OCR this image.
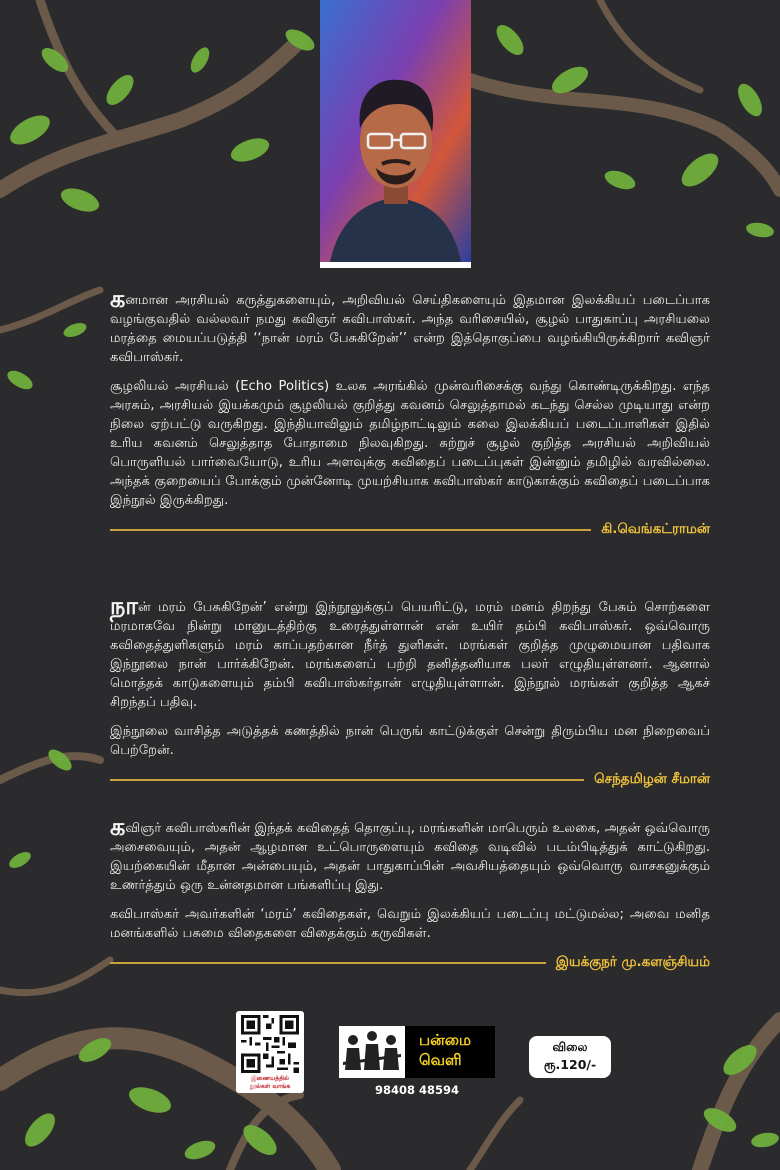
கனமான அரசியல் கருத்துகளையும், அறிவியல் செய்திகளையும் இதமான இலக்கியப் படைப்பாக வழங்குவதில் வல்லவர் நமது கவிஞர் கவிபாஸ்கர். அந்த வரிசையில், சூழல் பாதுகாப்பு அரசியலை மரத்தை மையப்படுத்தி ‘‘நான் மரம் பேசுகிறேன்’’ என்ற இத்தொகுப்பை வழங்கியிருக்கிறார் கவிஞர் கவிபாஸ்கர்.

சூழலியல் அரசியல் (Echo Politics) உலக அரங்கில் முன்வரிசைக்கு வந்து கொண்டிருக்கிறது. எந்த அரசும், அரசியல் இயக்கமும் சூழலியல் குறித்து கவனம் செலுத்தாமல் கடந்து செல்ல முடியாது என்ற நிலை ஏற்பட்டு வருகிறது. இந்தியாவிலும் தமிழ்நாட்டிலும் கலை இலக்கியப் படைப்பாளிகள் இதில் உரிய கவனம் செலுத்தாத போதாமை நிலவுகிறது. சுற்றுச் சூழல் குறித்த அரசியல் அறிவியல் பொருளியல் பார்வையோடு, உரிய அளவுக்கு கவிதைப் படைப்புகள் இன்னும் தமிழில் வரவில்லை. அந்தக் குறையைப் போக்கும் முன்னோடி முயற்சியாக கவிபாஸ்கர் காடுகாக்கும் கவிதைப் படைப்பாக இந்நூல் இருக்கிறது.

கி.வெங்கட்ராமன்

நான் மரம் பேசுகிறேன்’ என்று இந்நூலுக்குப் பெயரிட்டு, மரம் மனம் திறந்து பேசும் சொற்களை மரமாகவே நின்று மானுடத்திற்கு உரைத்துள்ளான் என் உயிர் தம்பி கவிபாஸ்கர். ஒவ்வொரு கவிதைத்துளிகளும் மரம் காப்பதற்கான நீர்த் துளிகள். மரங்கள் குறித்த முழுமையான பதிவாக இந்நூலை நான் பார்க்கிறேன். மரங்களைப் பற்றி தனித்தனியாக பலர் எழுதியுள்ளனர். ஆனால் மொத்தக் காடுகளையும் தம்பி கவிபாஸ்கர்தான் எழுதியுள்ளான். இந்நூல் மரங்கள் குறித்த ஆகச் சிறந்தப் பதிவு.

இந்நூலை வாசித்த அடுத்தக் கணத்தில் நான் பெருங் காட்டுக்குள் சென்று திரும்பிய மன நிறைவைப் பெற்றேன்.

செந்தமிழன் சீமான்

கவிஞர் கவிபாஸ்கரின் இந்தக் கவிதைத் தொகுப்பு, மரங்களின் மாபெரும் உலகை, அதன் ஒவ்வொரு அசைவையும், அதன் ஆழமான உட்பொருளையும் கவிதை வடிவில் படம்பிடித்துக் காட்டுகிறது. இயற்கையின் மீதான அன்பையும், அதன் பாதுகாப்பின் அவசியத்தையும் ஒவ்வொரு வாசகனுக்கும் உணர்த்தும் ஒரு உன்னதமான பங்களிப்பு இது.

கவிபாஸ்கர் அவர்களின் ‘மரம்’ கவிதைகள், வெறும் இலக்கியப் படைப்பு மட்டுமல்ல; அவை மனித மனங்களில் பசுமை விதைகளை விதைக்கும் கருவிகள்.

இயக்குநர் மு.களஞ்சியம்
இணையத்தில்
நூல்கள் வாங்க
பன்மை
வெளி
98408 48594
விலை
ரூ.120/-
